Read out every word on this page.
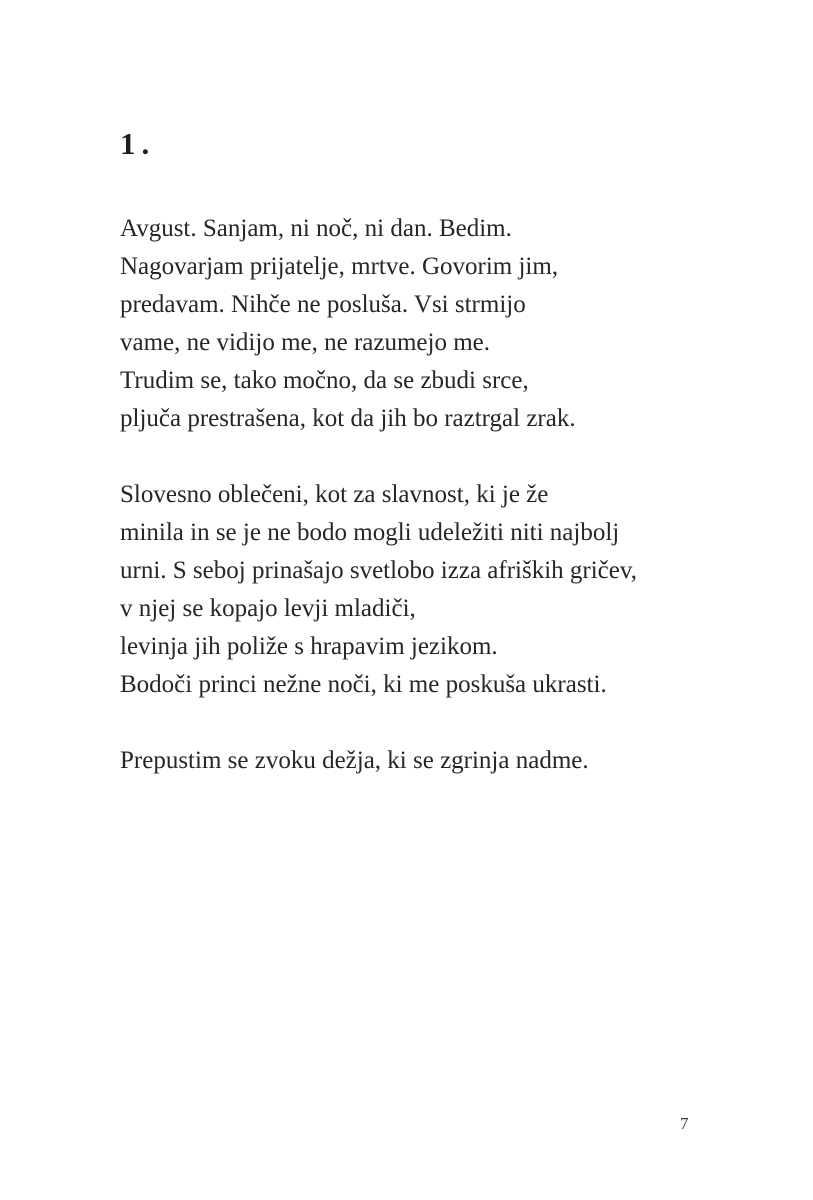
1.
Avgust. Sanjam, ni noč, ni dan. Bedim.
Nagovarjam prijatelje, mrtve. Govorim jim,
predavam. Nihče ne posluša. Vsi strmijo
vame, ne vidijo me, ne razumejo me.
Trudim se, tako močno, da se zbudi srce,
pljuča prestrašena, kot da jih bo raztrgal zrak.
Slovesno oblečeni, kot za slavnost, ki je že
minila in se je ne bodo mogli udeležiti niti najbolj
urni. S seboj prinašajo svetlobo izza afriških gričev,
v njej se kopajo levji mladiči,
levinja jih poliže s hrapavim jezikom.
Bodoči princi nežne noči, ki me poskuša ukrasti.
Prepustim se zvoku dežja, ki se zgrinja nadme.
7
